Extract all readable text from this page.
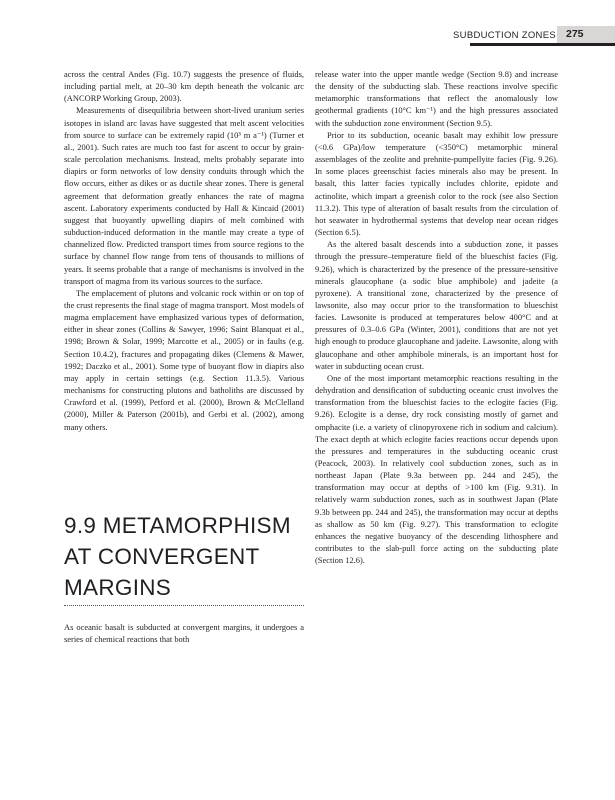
SUBDUCTION ZONES 275

across the central Andes (Fig. 10.7) suggests the presence of fluids, including partial melt, at 20–30 km depth beneath the volcanic arc (ANCORP Working Group, 2003).

Measurements of disequilibria between short-lived uranium series isotopes in island arc lavas have suggested that melt ascent velocities from source to surface can be extremely rapid (10³ m a⁻¹) (Turner et al., 2001). Such rates are much too fast for ascent to occur by grain-scale percolation mechanisms. Instead, melts probably separate into diapirs or form networks of low density conduits through which the flow occurs, either as dikes or as ductile shear zones. There is general agreement that deformation greatly enhances the rate of magma ascent. Laboratory experiments conducted by Hall & Kincaid (2001) suggest that buoyantly upwelling diapirs of melt combined with subduction-induced deformation in the mantle may create a type of channelized flow. Predicted transport times from source regions to the surface by channel flow range from tens of thousands to millions of years. It seems probable that a range of mechanisms is involved in the transport of magma from its various sources to the surface.

The emplacement of plutons and volcanic rock within or on top of the crust represents the final stage of magma transport. Most models of magma emplacement have emphasized various types of deformation, either in shear zones (Collins & Sawyer, 1996; Saint Blanquat et al., 1998; Brown & Solar, 1999; Marcotte et al., 2005) or in faults (e.g. Section 10.4.2), fractures and propagating dikes (Clemens & Mawer, 1992; Daczko et al., 2001). Some type of buoyant flow in diapirs also may apply in certain settings (e.g. Section 11.3.5). Various mechanisms for constructing plutons and batholiths are discussed by Crawford et al. (1999), Petford et al. (2000), Brown & McClelland (2000), Miller & Paterson (2001b), and Gerbi et al. (2002), among many others.

9.9 METAMORPHISM AT CONVERGENT MARGINS

As oceanic basalt is subducted at convergent margins, it undergoes a series of chemical reactions that both

release water into the upper mantle wedge (Section 9.8) and increase the density of the subducting slab. These reactions involve specific metamorphic transformations that reflect the anomalously low geothermal gradients (10°C km⁻¹) and the high pressures associated with the subduction zone environment (Section 9.5).

Prior to its subduction, oceanic basalt may exhibit low pressure (<0.6 GPa)/low temperature (<350°C) metamorphic mineral assemblages of the zeolite and prehnite-pumpellyite facies (Fig. 9.26). In some places greenschist facies minerals also may be present. In basalt, this latter facies typically includes chlorite, epidote and actinolite, which impart a greenish color to the rock (see also Section 11.3.2). This type of alteration of basalt results from the circulation of hot seawater in hydrothermal systems that develop near ocean ridges (Section 6.5).

As the altered basalt descends into a subduction zone, it passes through the pressure–temperature field of the blueschist facies (Fig. 9.26), which is characterized by the presence of the pressure-sensitive minerals glaucophane (a sodic blue amphibole) and jadeite (a pyroxene). A transitional zone, characterized by the presence of lawsonite, also may occur prior to the transformation to blueschist facies. Lawsonite is produced at temperatures below 400°C and at pressures of 0.3–0.6 GPa (Winter, 2001), conditions that are not yet high enough to produce glaucophane and jadeite. Lawsonite, along with glaucophane and other amphibole minerals, is an important host for water in subducting ocean crust.

One of the most important metamorphic reactions resulting in the dehydration and densification of subducting oceanic crust involves the transformation from the blueschist facies to the eclogite facies (Fig. 9.26). Eclogite is a dense, dry rock consisting mostly of garnet and omphacite (i.e. a variety of clinopyroxene rich in sodium and calcium). The exact depth at which eclogite facies reactions occur depends upon the pressures and temperatures in the subducting oceanic crust (Peacock, 2003). In relatively cool subduction zones, such as in northeast Japan (Plate 9.3a between pp. 244 and 245), the transformation may occur at depths of >100 km (Fig. 9.31). In relatively warm subduction zones, such as in southwest Japan (Plate 9.3b between pp. 244 and 245), the transformation may occur at depths as shallow as 50 km (Fig. 9.27). This transformation to eclogite enhances the negative buoyancy of the descending lithosphere and contributes to the slab-pull force acting on the subducting plate (Section 12.6).
